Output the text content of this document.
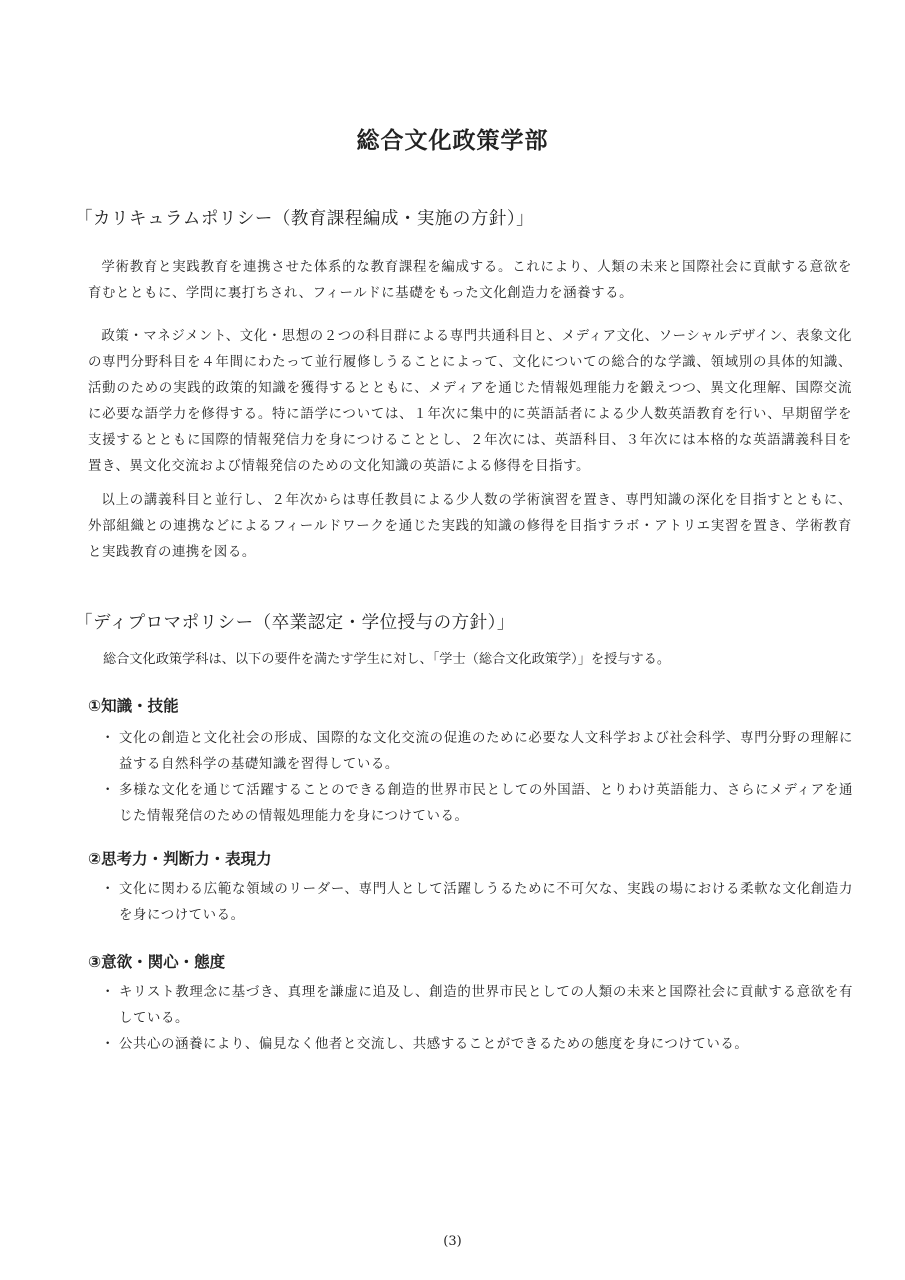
総合文化政策学部
「カリキュラムポリシー（教育課程編成・実施の方針）」

学術教育と実践教育を連携させた体系的な教育課程を編成する。これにより、人類の未来と国際社会に貢献する意欲を育むとともに、学問に裏打ちされ、フィールドに基礎をもった文化創造力を涵養する。

政策・マネジメント、文化・思想の２つの科目群による専門共通科目と、メディア文化、ソーシャルデザイン、表象文化の専門分野科目を４年間にわたって並行履修しうることによって、文化についての総合的な学識、領域別の具体的知識、活動のための実践的政策的知識を獲得するとともに、メディアを通じた情報処理能力を鍛えつつ、異文化理解、国際交流に必要な語学力を修得する。特に語学については、１年次に集中的に英語話者による少人数英語教育を行い、早期留学を支援するとともに国際的情報発信力を身につけることとし、２年次には、英語科目、３年次には本格的な英語講義科目を置き、異文化交流および情報発信のための文化知識の英語による修得を目指す。

以上の講義科目と並行し、２年次からは専任教員による少人数の学術演習を置き、専門知識の深化を目指すとともに、外部組織との連携などによるフィールドワークを通じた実践的知識の修得を目指すラボ・アトリエ実習を置き、学術教育と実践教育の連携を図る。

「ディプロマポリシー（卒業認定・学位授与の方針）」
総合文化政策学科は、以下の要件を満たす学生に対し、「学士（総合文化政策学）」を授与する。
①知識・技能
・ 文化の創造と文化社会の形成、国際的な文化交流の促進のために必要な人文科学および社会科学、専門分野の理解に益する自然科学の基礎知識を習得している。
・ 多様な文化を通じて活躍することのできる創造的世界市民としての外国語、とりわけ英語能力、さらにメディアを通じた情報発信のための情報処理能力を身につけている。
②思考力・判断力・表現力
・ 文化に関わる広範な領域のリーダー、専門人として活躍しうるために不可欠な、実践の場における柔軟な文化創造力を身につけている。
③意欲・関心・態度
・ キリスト教理念に基づき、真理を謙虚に追及し、創造的世界市民としての人類の未来と国際社会に貢献する意欲を有している。
・ 公共心の涵養により、偏見なく他者と交流し、共感することができるための態度を身につけている。
(3)
